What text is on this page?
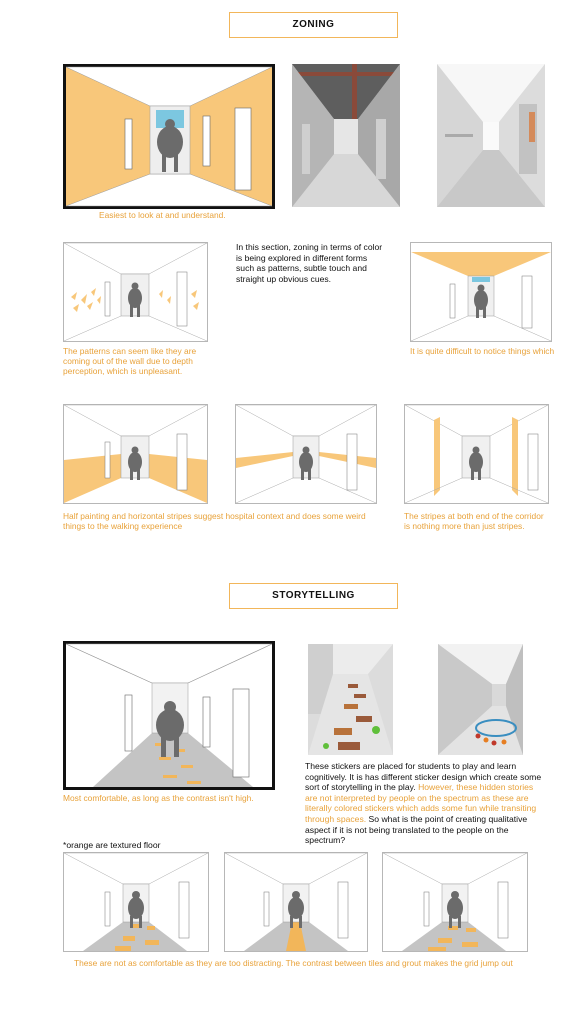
ZONING
Easiest to look at and understand.
In this section, zoning in terms of color is being explored in different forms such as patterns, subtle touch and straight up obvious cues.
The patterns can seem like they are coming out of the wall due to depth perception, which is unpleasant.
It is quite difficult to notice things which
Half painting and horizontal stripes suggest hospital context and does some weird things to the walking experience
The stripes at both end of the corridor is nothing more than just stripes.
STORYTELLING
Most comfortable, as long as the contrast isn't high.
These stickers are placed for students to play and learn cognitively. It is has different sticker design which create some sort of storytelling in the play. However, these hidden stories are not interpreted by people on the spectrum as these are literally colored stickers which adds some fun while transiting through spaces. So what is the point of creating qualitative aspect if it is not being translated to the people on the spectrum?
*orange are textured floor
These are not as comfortable as they are too distracting. The contrast between tiles and grout makes the grid jump out
